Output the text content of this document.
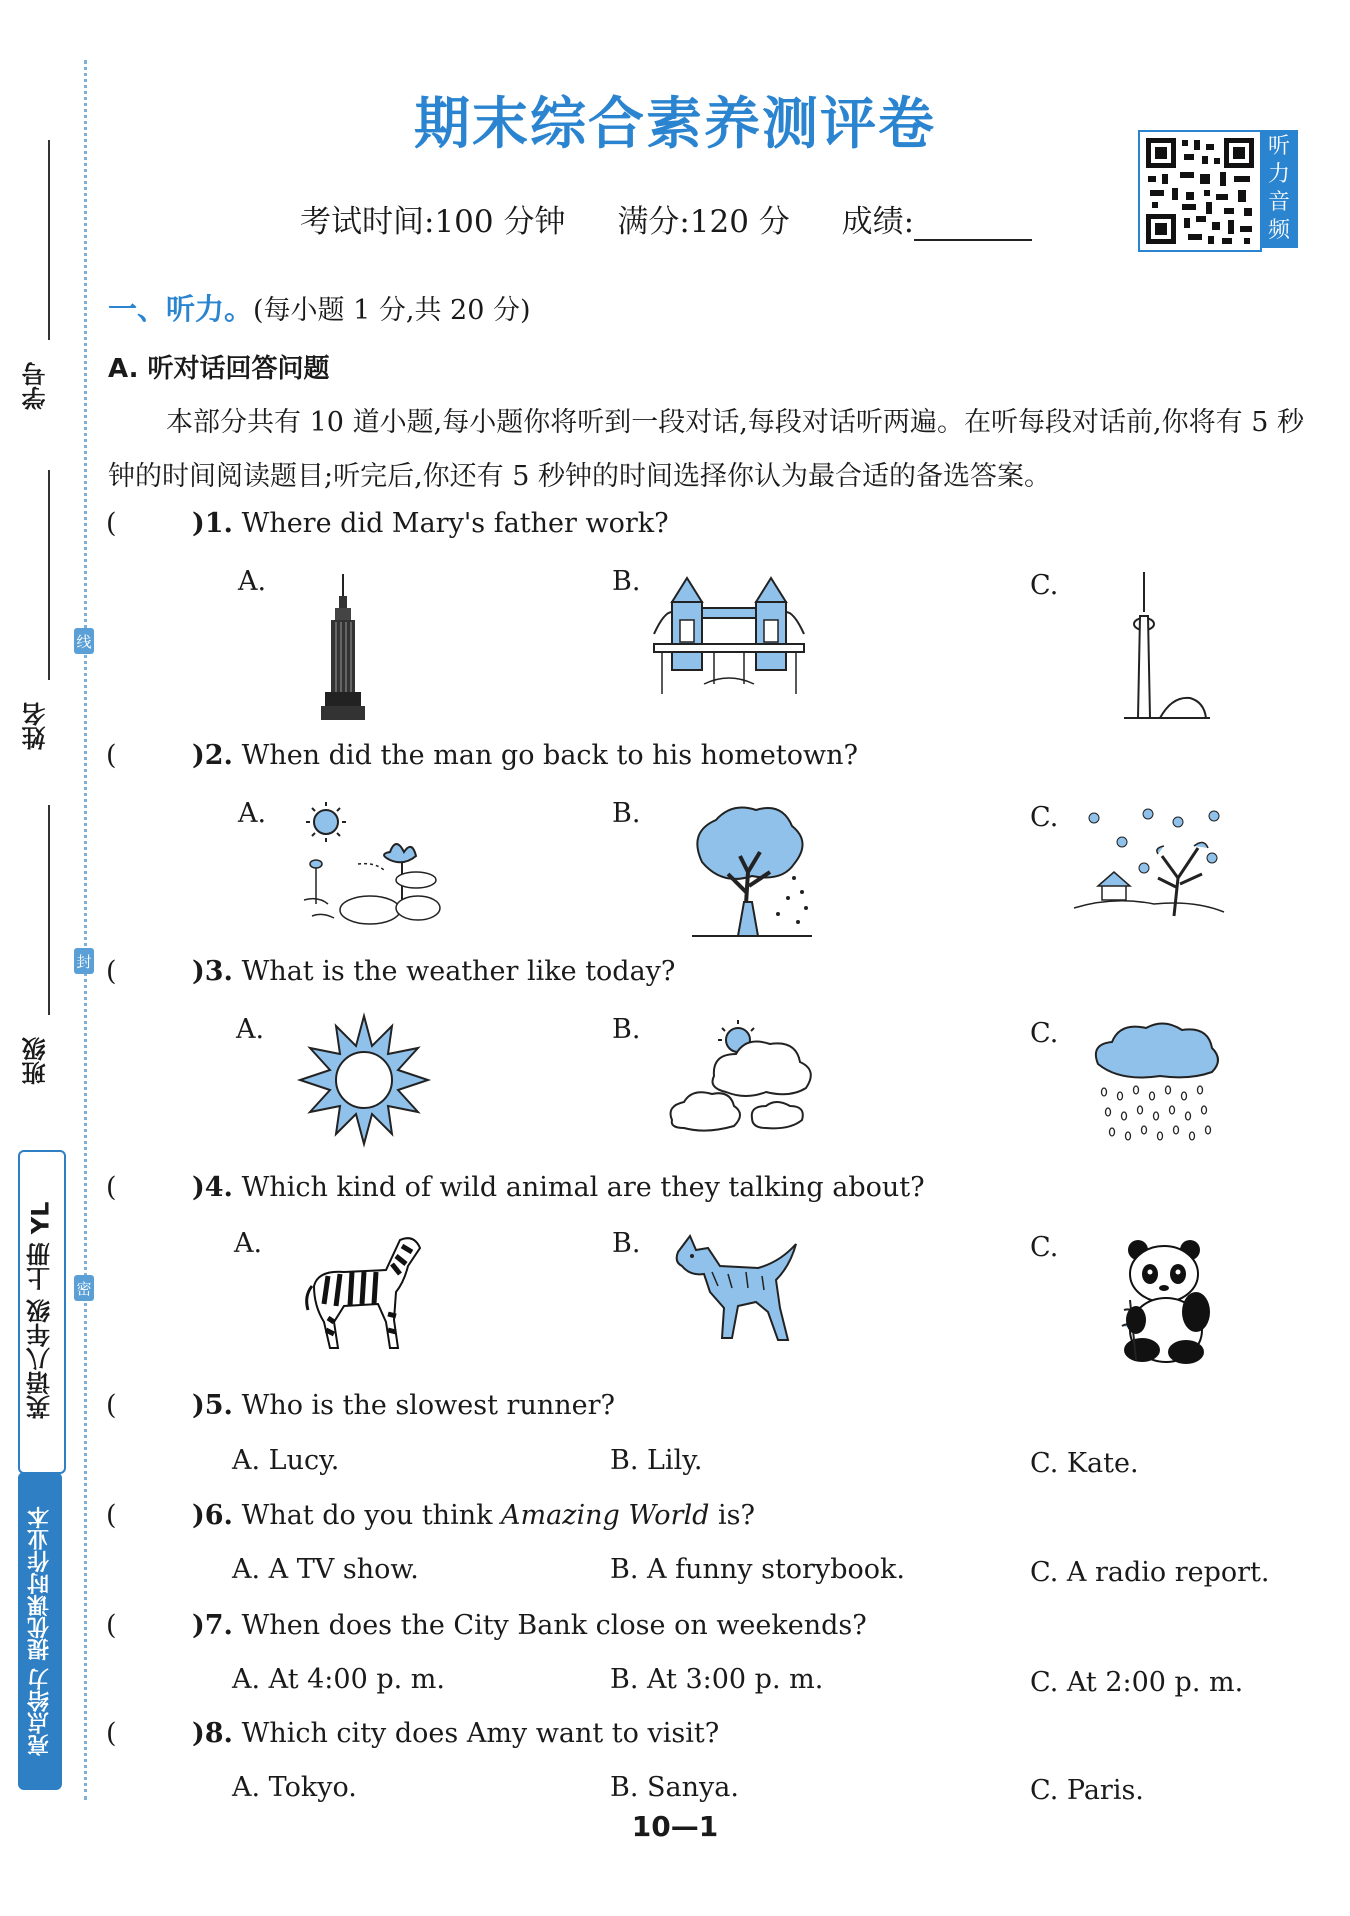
学号
姓名
班级
线
封
密
英语八年级 上册 YL
亮点给力 提优课时作业本
期末综合素养测评卷
考试时间:100 分钟 满分:120 分 成绩:
听
力
音
频
一、听力。(每小题 1 分,共 20 分)
A. 听对话回答问题
本部分共有 10 道小题,每小题你将听到一段对话,每段对话听两遍。在听每段对话前,你将有 5 秒钟的时间阅读题目;听完后,你还有 5 秒钟的时间选择你认为最合适的备选答案。
(	)1. Where did Mary's father work?
A.	B.	C.
(	)2. When did the man go back to his hometown?
A.	B.	C.
(	)3. What is the weather like today?
A.	B.	C.
(	)4. Which kind of wild animal are they talking about?
A.	B.	C.
(	)5. Who is the slowest runner?
A. Lucy.	B. Lily.	C. Kate.
(	)6. What do you think Amazing World is?
A. A TV show.	B. A funny storybook.	C. A radio report.
(	)7. When does the City Bank close on weekends?
A. At 4:00 p. m.	B. At 3:00 p. m.	C. At 2:00 p. m.
(	)8. Which city does Amy want to visit?
A. Tokyo.	B. Sanya.	C. Paris.
10—1
